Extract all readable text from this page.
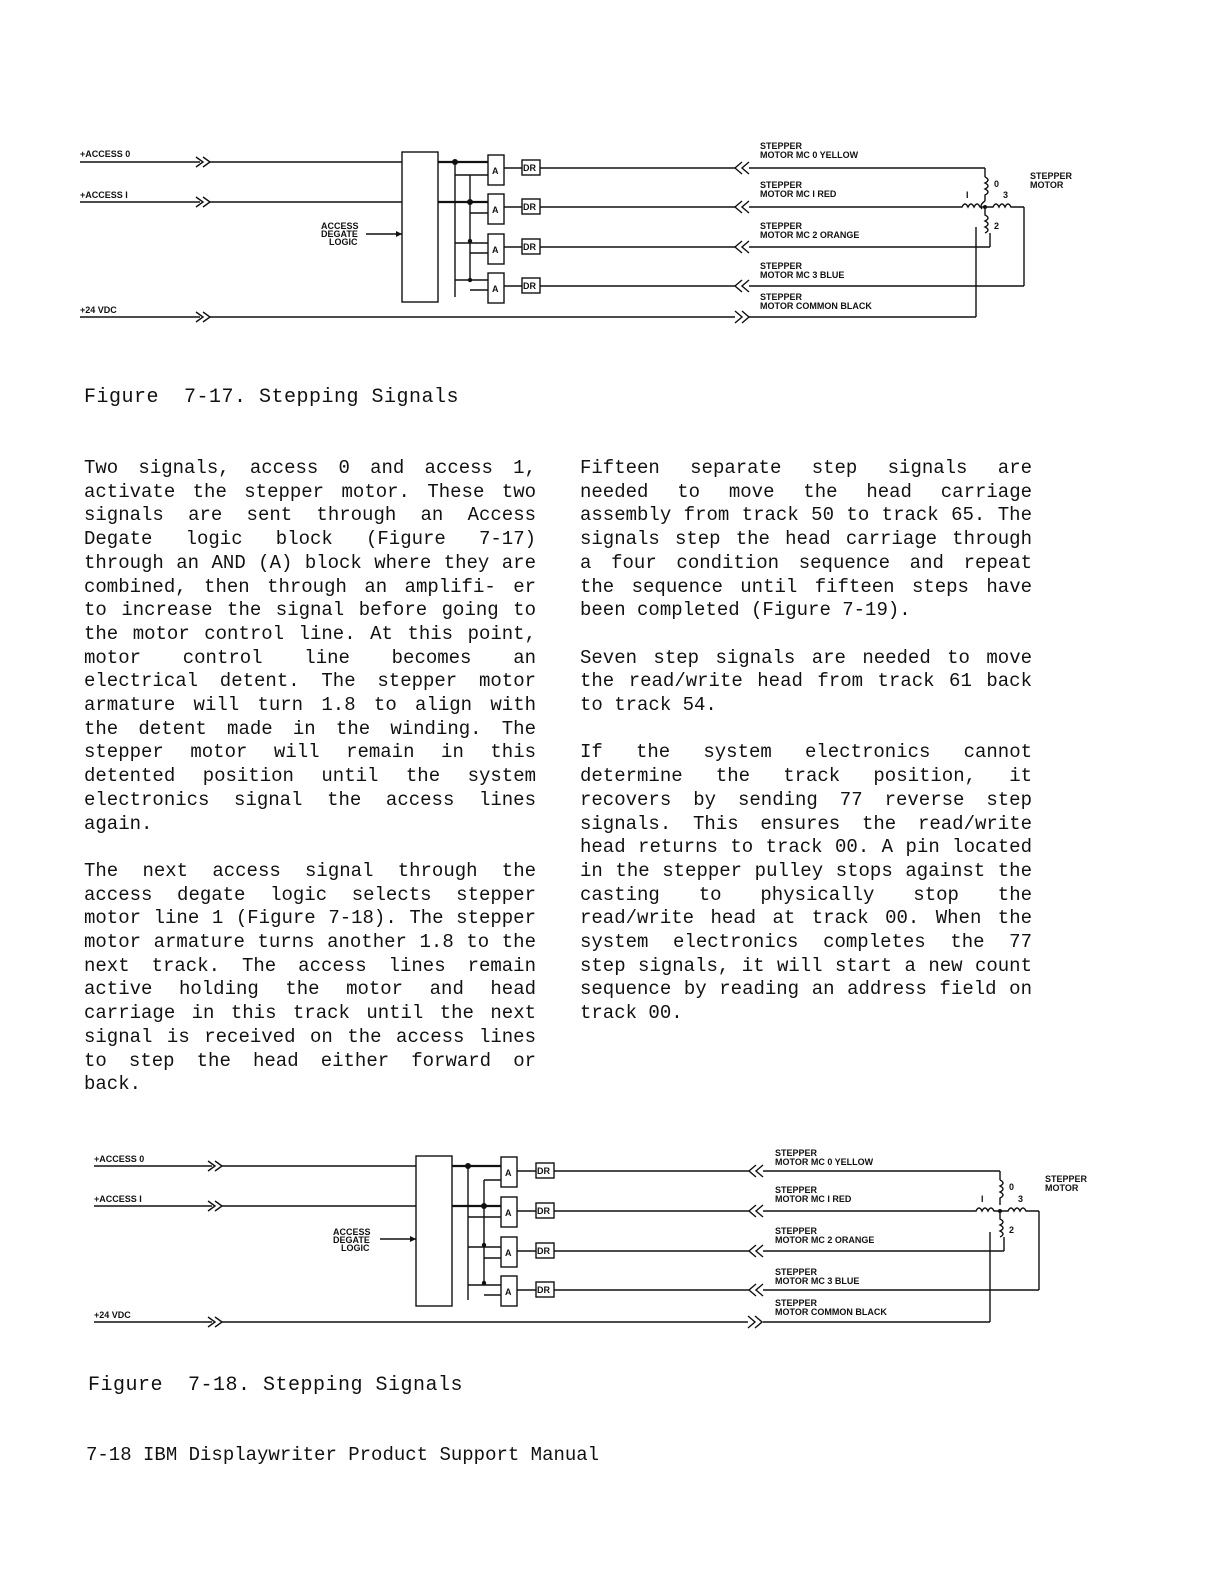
+ACCESS 0
+ACCESS I
+24 VDC
ACCESS
DEGATE
LOGIC
A
A
A
A
DR
DR
DR
DR
STEPPER
MOTOR MC 0 YELLOW
STEPPER
MOTOR MC I RED
STEPPER
MOTOR MC 2 ORANGE
STEPPER
MOTOR MC 3 BLUE
STEPPER
MOTOR COMMON BLACK
0
I	3
2
STEPPER
MOTOR
Figure  7-17. Stepping Signals

Two signals, access 0 and access 1, activate the stepper motor. These two signals are sent through an Access Degate logic block (Figure 7-17) through an AND (A) block where they are combined, then through an amplifi- er to increase the signal before going to the motor control line. At this point, motor control line becomes an electrical detent. The stepper motor armature will turn 1.8 to align with the detent made in the winding. The stepper motor will remain in this detented position until the system electronics signal the access lines again.

The next access signal through the access degate logic selects stepper motor line 1 (Figure 7-18). The stepper motor armature turns another 1.8 to the next track. The access lines remain active holding the motor and head carriage in this track until the next signal is received on the access lines to step the head either forward or back.

Fifteen separate step signals are needed to move the head carriage assembly from track 50 to track 65. The signals step the head carriage through a four condition sequence and repeat the sequence until fifteen steps have been completed (Figure 7-19).

Seven step signals are needed to move the read/write head from track 61 back to track 54.

If the system electronics cannot determine the track position, it recovers by sending 77 reverse step signals. This ensures the read/write head returns to track 00. A pin located in the stepper pulley stops against the casting to physically stop the read/write head at track 00. When the system electronics completes the 77 step signals, it will start a new count sequence by reading an address field on track 00.

+ACCESS 0
+ACCESS I
+24 VDC
ACCESS
DEGATE
LOGIC
A
A
A
A
DR
DR
DR
DR
STEPPER
MOTOR MC 0 YELLOW
STEPPER
MOTOR MC I RED
STEPPER
MOTOR MC 2 ORANGE
STEPPER
MOTOR MC 3 BLUE
STEPPER
MOTOR COMMON BLACK
0
I	3
2
STEPPER
MOTOR
Figure  7-18. Stepping Signals
7-18 IBM Displaywriter Product Support Manual
